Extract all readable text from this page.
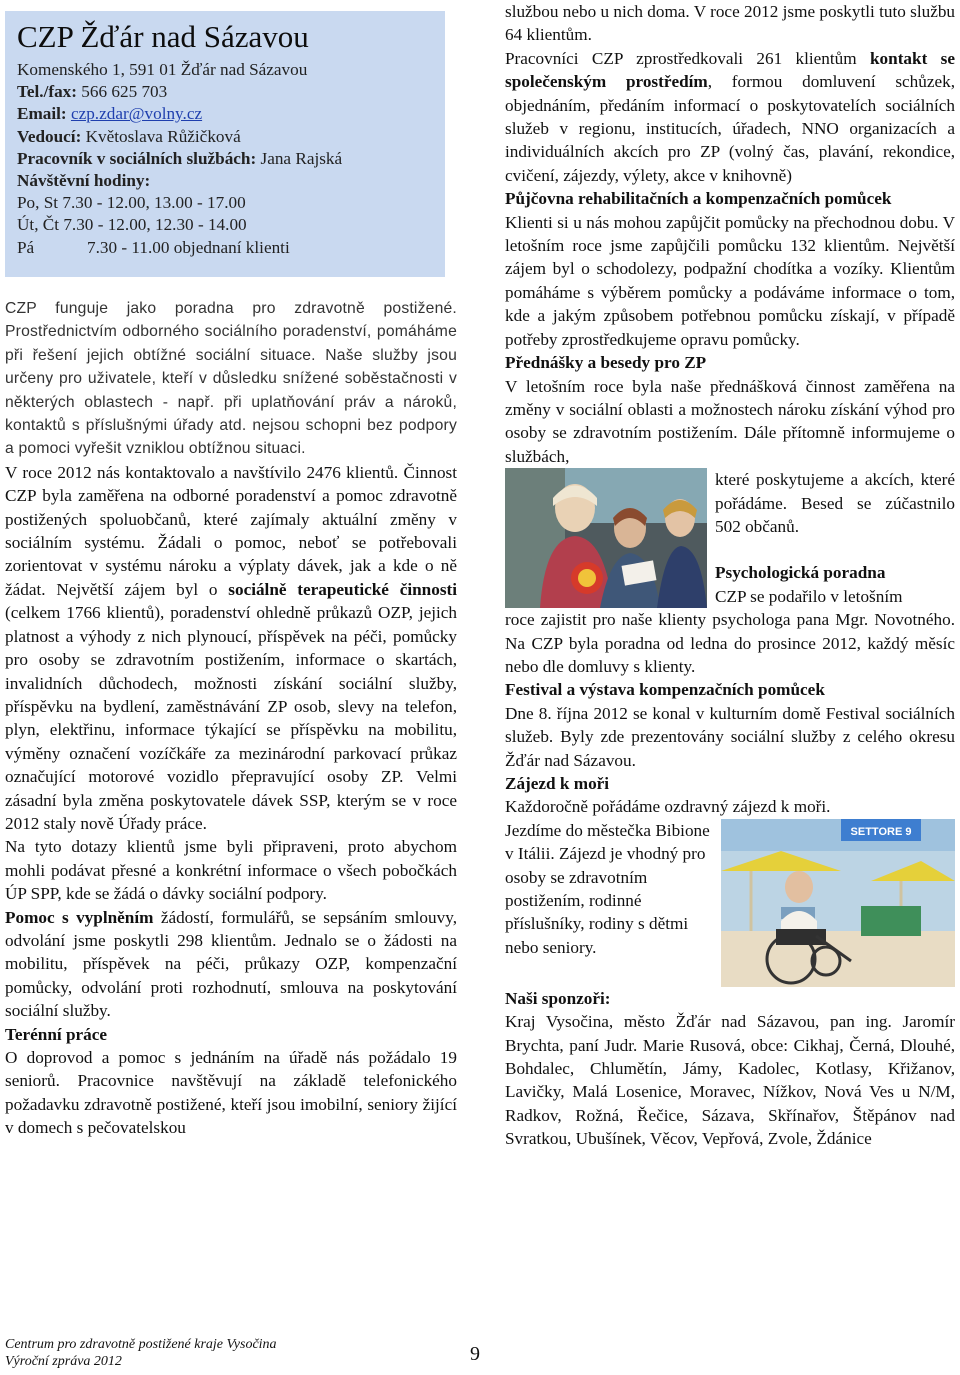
CZP Žďár nad Sázavou
Komenského 1, 591 01 Žďár nad Sázavou
Tel./fax: 566 625 703
Email: czp.zdar@volny.cz
Vedoucí: Květoslava Růžičková
Pracovník v sociálních službách: Jana Rajská
Návštěvní hodiny:
Po, St 7.30 - 12.00, 13.00 - 17.00
Út, Čt 7.30 - 12.00, 12.30 - 14.00
Pá	7.30 - 11.00 objednaní klienti

CZP funguje jako poradna pro zdravotně postižené. Prostřednictvím odborného sociálního poradenství, pomáháme při řešení jejich obtížné sociální situace. Naše služby jsou určeny pro uživatele, kteří v důsledku snížené soběstačnosti v některých oblastech - např. při uplatňování práv a nároků, kontaktů s příslušnými úřady atd. nejsou schopni bez podpory a pomoci vyřešit vzniklou obtížnou situaci.

V roce 2012 nás kontaktovalo a navštívilo 2476 klientů. Činnost CZP byla zaměřena na odborné poradenství a pomoc zdravotně postižených spoluobčanů, které zajímaly aktuální změny v sociálním systému. Žádali o pomoc, neboť se potřebovali zorientovat v systému nároku a výplaty dávek, jak a kde o ně žádat. Největší zájem byl o sociálně terapeutické činnosti (celkem 1766 klientů), poradenství ohledně průkazů OZP, jejich platnost a výhody z nich plynoucí, příspěvek na péči, pomůcky pro osoby se zdravotním postižením, informace o skartách, invalidních důchodech, možnosti získání sociální služby, příspěvku na bydlení, zaměstnávání ZP osob, slevy na telefon, plyn, elektřinu, informace týkající se příspěvku na mobilitu, výměny označení vozíčkáře za mezinárodní parkovací průkaz označující motorové vozidlo přepravující osoby ZP. Velmi zásadní byla změna poskytovatele dávek SSP, kterým se v roce 2012 staly nově Úřady práce.

Na tyto dotazy klientů jsme byli připraveni, proto abychom mohli podávat přesné a konkrétní informace o všech pobočkách ÚP SPP, kde se žádá o dávky sociální podpory.

Pomoc s vyplněním žádostí, formulářů, se sepsáním smlouvy, odvolání jsme poskytli 298 klientům. Jednalo se o žádosti na mobilitu, příspěvek na péči, průkazy OZP, kompenzační pomůcky, odvolání proti rozhodnutí, smlouva na poskytování sociální služby.

Terénní práce

O doprovod a pomoc s jednáním na úřadě nás požádalo 19 seniorů. Pracovnice navštěvují na základě telefonického požadavku zdravotně postižené, kteří jsou imobilní, seniory žijící v domech s pečovatelskou

službou nebo u nich doma. V roce 2012 jsme poskytli tuto službu 64 klientům.

Pracovníci CZP zprostředkovali 261 klientům kontakt se společenským prostředím, formou domluvení schůzek, objednáním, předáním informací o poskytovatelích sociálních služeb v regionu, institucích, úřadech, NNO organizacích a individuálních akcích pro ZP (volný čas, plavání, rekondice, cvičení, zájezdy, výlety, akce v knihovně)

Půjčovna rehabilitačních a kompenzačních pomůcek

Klienti si u nás mohou zapůjčit pomůcky na přechodnou dobu. V letošním roce jsme zapůjčili pomůcku 132 klientům. Největší zájem byl o schodolezy, podpažní chodítka a vozíky. Klientům pomáháme s výběrem pomůcky a podáváme informace o tom, kde a jakým způsobem potřebnou pomůcku získají, v případě potřeby zprostředkujeme opravu pomůcky.

Přednášky a besedy pro ZP

V letošním roce byla naše přednášková činnost zaměřena na změny v sociální oblasti a možnostech nároku získání výhod pro osoby se zdravotním postižením. Dále přítomně informujeme o službách,

které poskytujeme a akcích, které pořádáme. Besed se zúčastnilo 502 občanů.

Psychologická poradna

CZP se podařilo v letošním

roce zajistit pro naše klienty psychologa pana Mgr. Novotného. Na CZP byla poradna od ledna do prosince 2012, každý měsíc nebo dle domluvy s klienty.

Festival a výstava kompenzačních pomůcek

Dne 8. října 2012 se konal v kulturním domě Festival sociálních služeb. Byly zde prezentovány sociální služby z celého okresu Žďár nad Sázavou.

Zájezd k moři

Každoročně pořádáme ozdravný zájezd k moři.

SETTORE 9

Jezdíme do městečka Bibione v Itálii. Zájezd je vhodný pro osoby se zdravotním postižením, rodinné příslušníky, rodiny s dětmi nebo seniory.

Naši sponzoři:

Kraj Vysočina, město Žďár nad Sázavou, pan ing. Jaromír Brychta, paní Judr. Marie Rusová, obce: Cikhaj, Černá, Dlouhé, Bohdalec, Chlumětín, Jámy, Kadolec, Kotlasy, Křižanov, Lavičky, Malá Losenice, Moravec, Nížkov, Nová Ves u N/M, Radkov, Rožná, Řečice, Sázava, Skřínařov, Štěpánov nad Svratkou, Ubušínek, Věcov, Vepřová, Zvole, Ždánice

Centrum pro zdravotně postižené kraje Vysočina
Výroční zpráva 2012	9
